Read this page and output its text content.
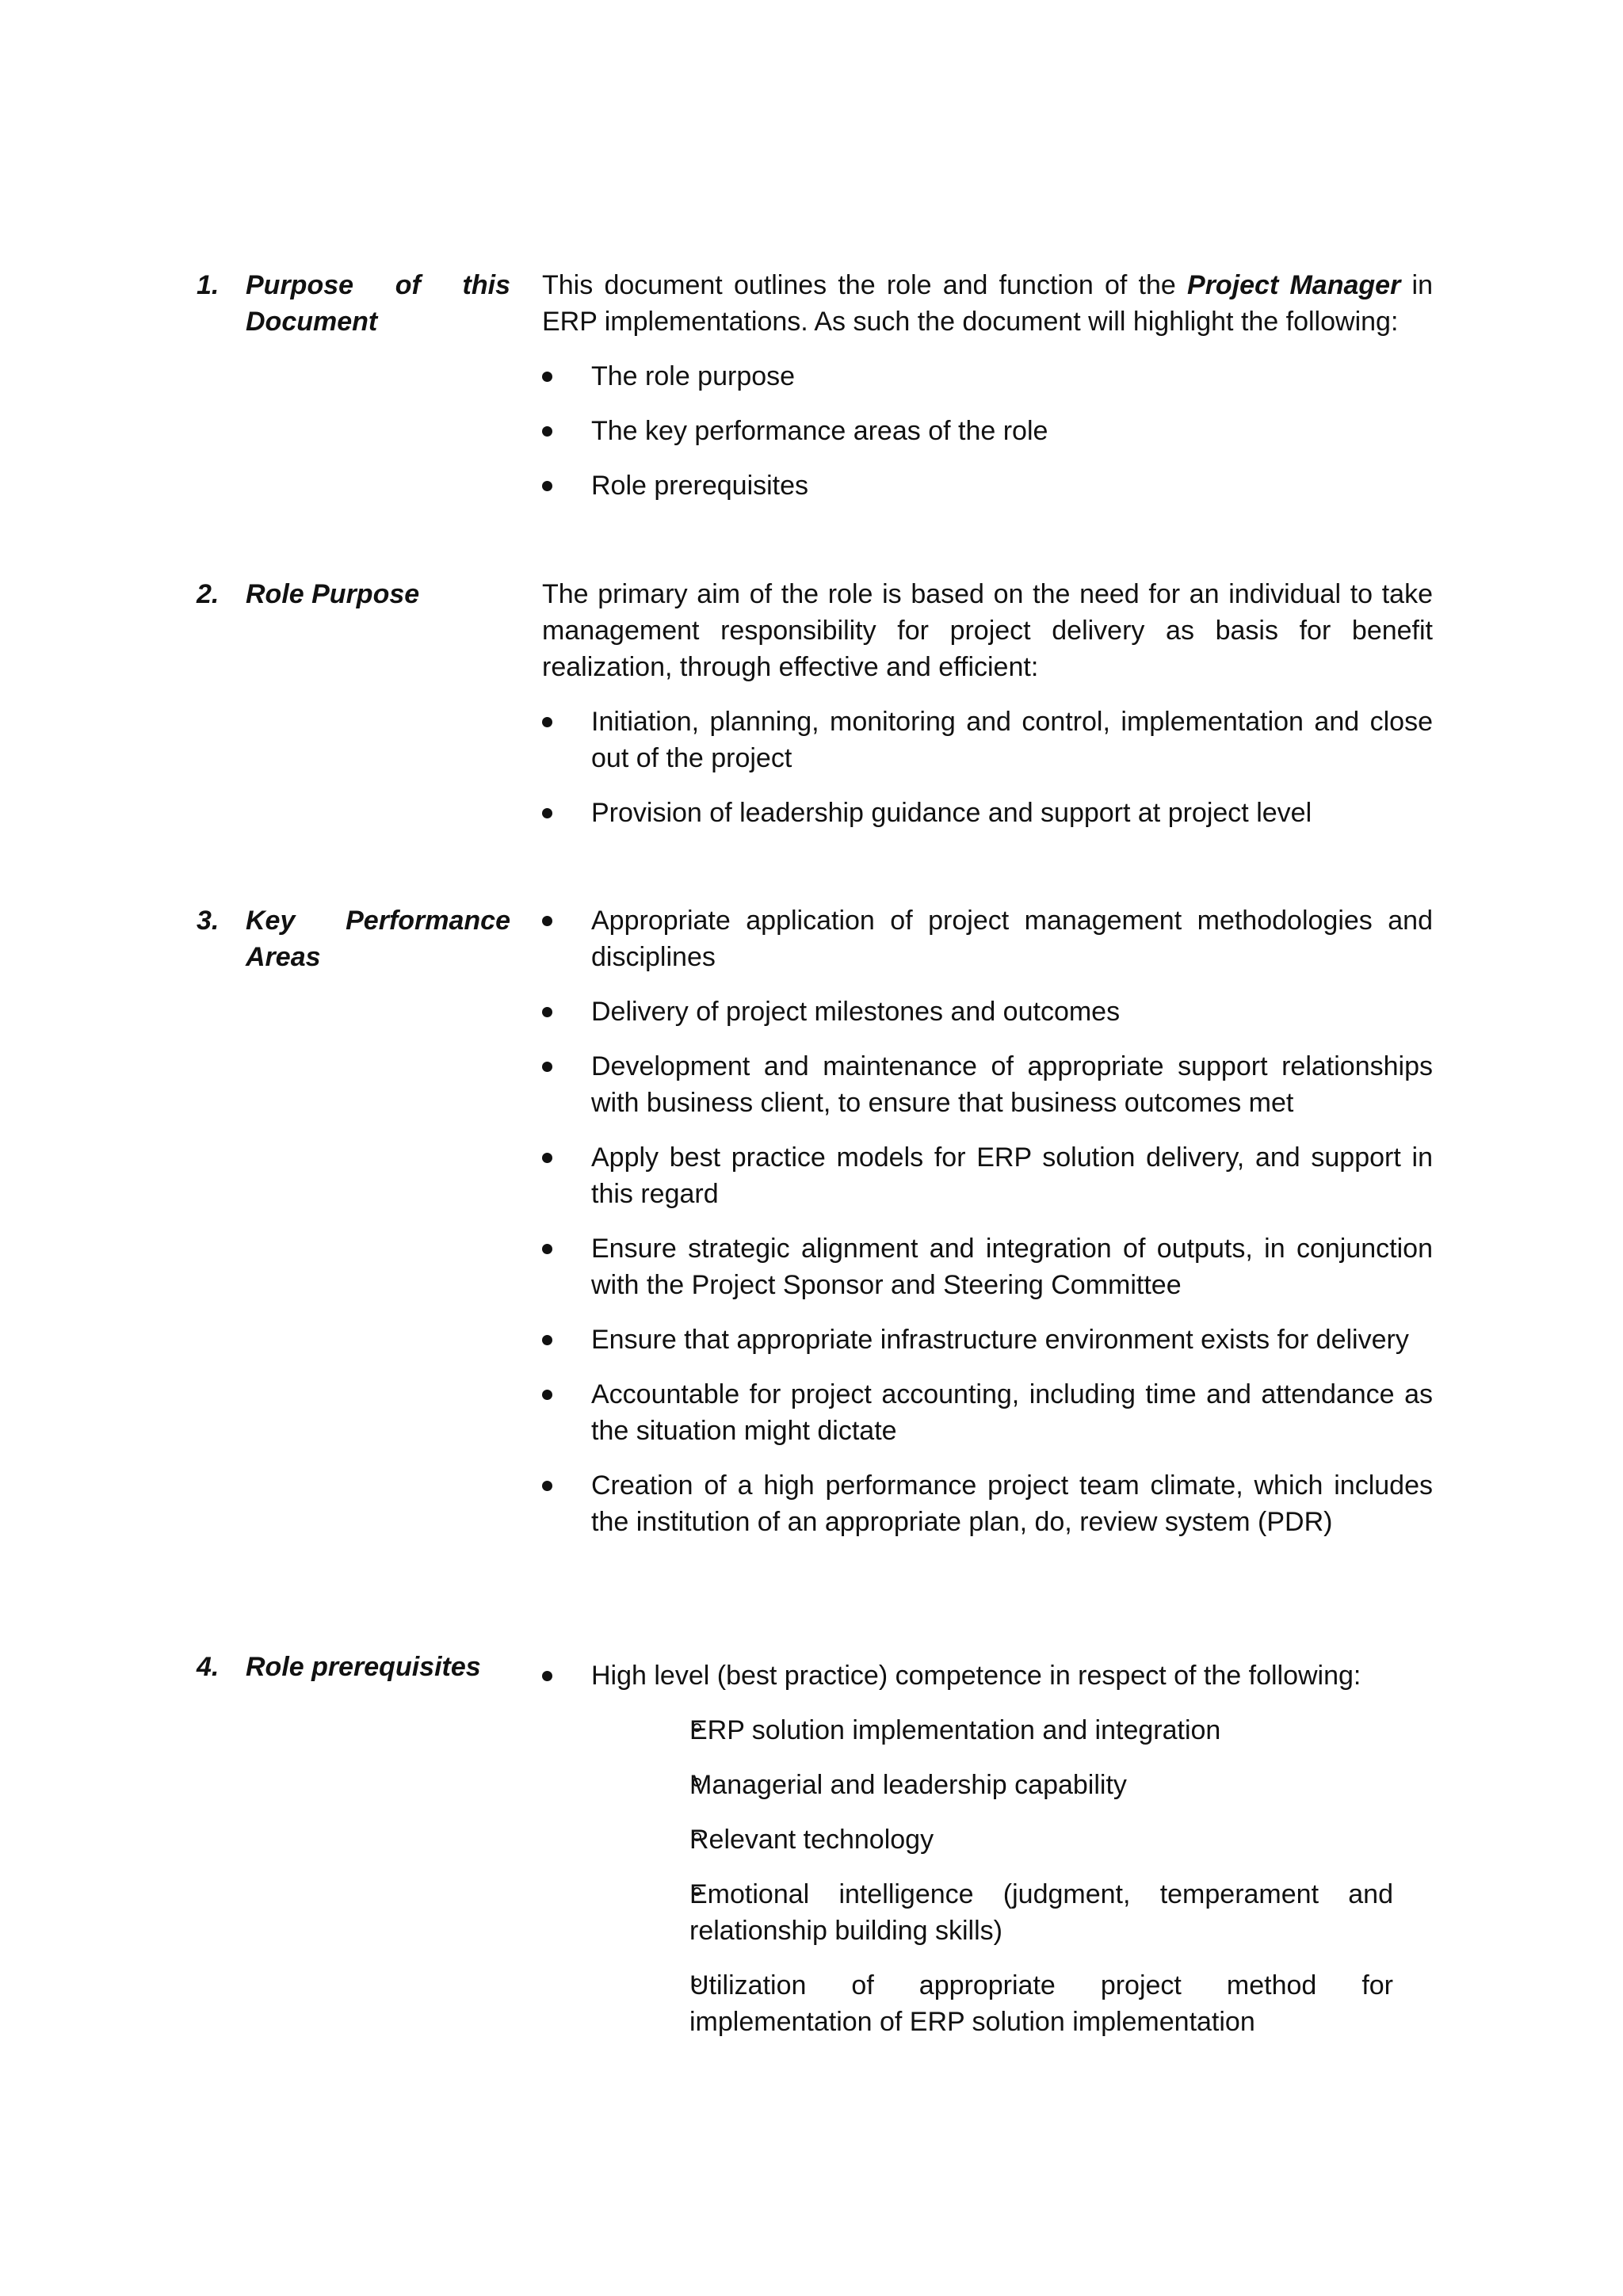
1. Purpose of this Document

This document outlines the role and function of the Project Manager in ERP implementations. As such the document will highlight the following:

The role purpose
The key performance areas of the role
Role prerequisites
2. Role Purpose	The primary aim of the role is based on the need for an individual to take management responsibility for project delivery as basis for benefit realization, through effective and efficient:

Initiation, planning, monitoring and control, implementation and close out of the project
Provision of leadership guidance and support at project level
3. Key Performance Areas
Appropriate application of project management methodologies and disciplines
Delivery of project milestones and outcomes
Development and maintenance of appropriate support relationships with business client, to ensure that business outcomes met
Apply best practice models for ERP solution delivery, and support in this regard
Ensure strategic alignment and integration of outputs, in conjunction with the Project Sponsor and Steering Committee
Ensure that appropriate infrastructure environment exists for delivery
Accountable for project accounting, including time and attendance as the situation might dictate
Creation of a high performance project team climate, which includes the institution of an appropriate plan, do, review system (PDR)
4. Role prerequisites	High level (best practice) competence in respect of the following:
ERP solution implementation and integration
Managerial and leadership capability
Relevant technology
Emotional intelligence (judgment, temperament and relationship building skills)
Utilization of appropriate project method for implementation of ERP solution implementation
